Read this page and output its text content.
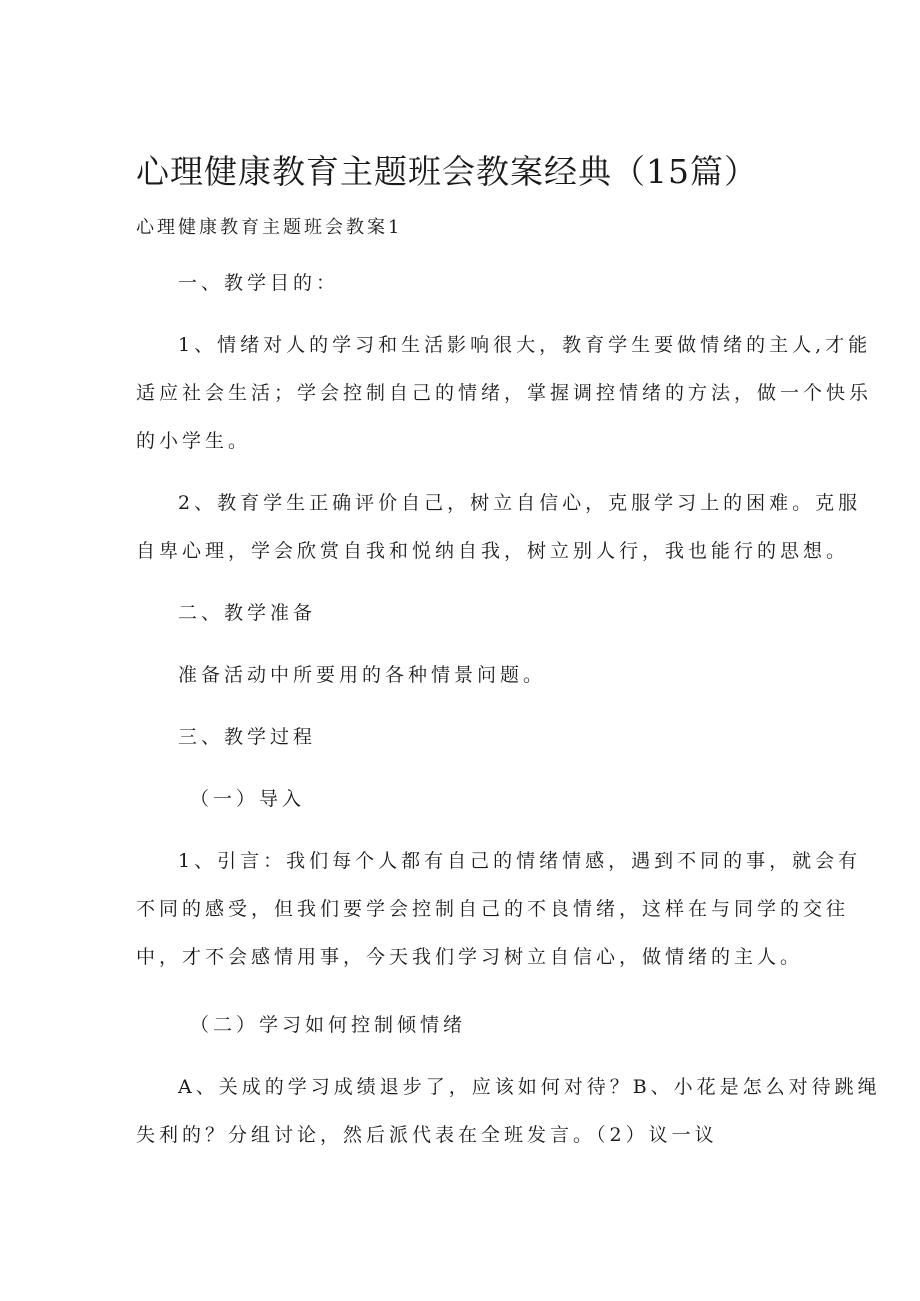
心理健康教育主题班会教案经典（15篇）
心理健康教育主题班会教案1
一、教学目的：
1、情绪对人的学习和生活影响很大，教育学生要做情绪的主人,才能
适应社会生活；学会控制自己的情绪，掌握调控情绪的方法，做一个快乐
的小学生。
2、教育学生正确评价自己，树立自信心，克服学习上的困难。克服
自卑心理，学会欣赏自我和悦纳自我，树立别人行，我也能行的思想。
二、教学准备
准备活动中所要用的各种情景问题。
三、教学过程
（一）导入
1、引言：我们每个人都有自己的情绪情感，遇到不同的事，就会有
不同的感受，但我们要学会控制自己的不良情绪，这样在与同学的交往
中，才不会感情用事，今天我们学习树立自信心，做情绪的主人。
（二）学习如何控制倾情绪
A、关成的学习成绩退步了，应该如何对待？B、小花是怎么对待跳绳
失利的？分组讨论，然后派代表在全班发言。（2）议一议
